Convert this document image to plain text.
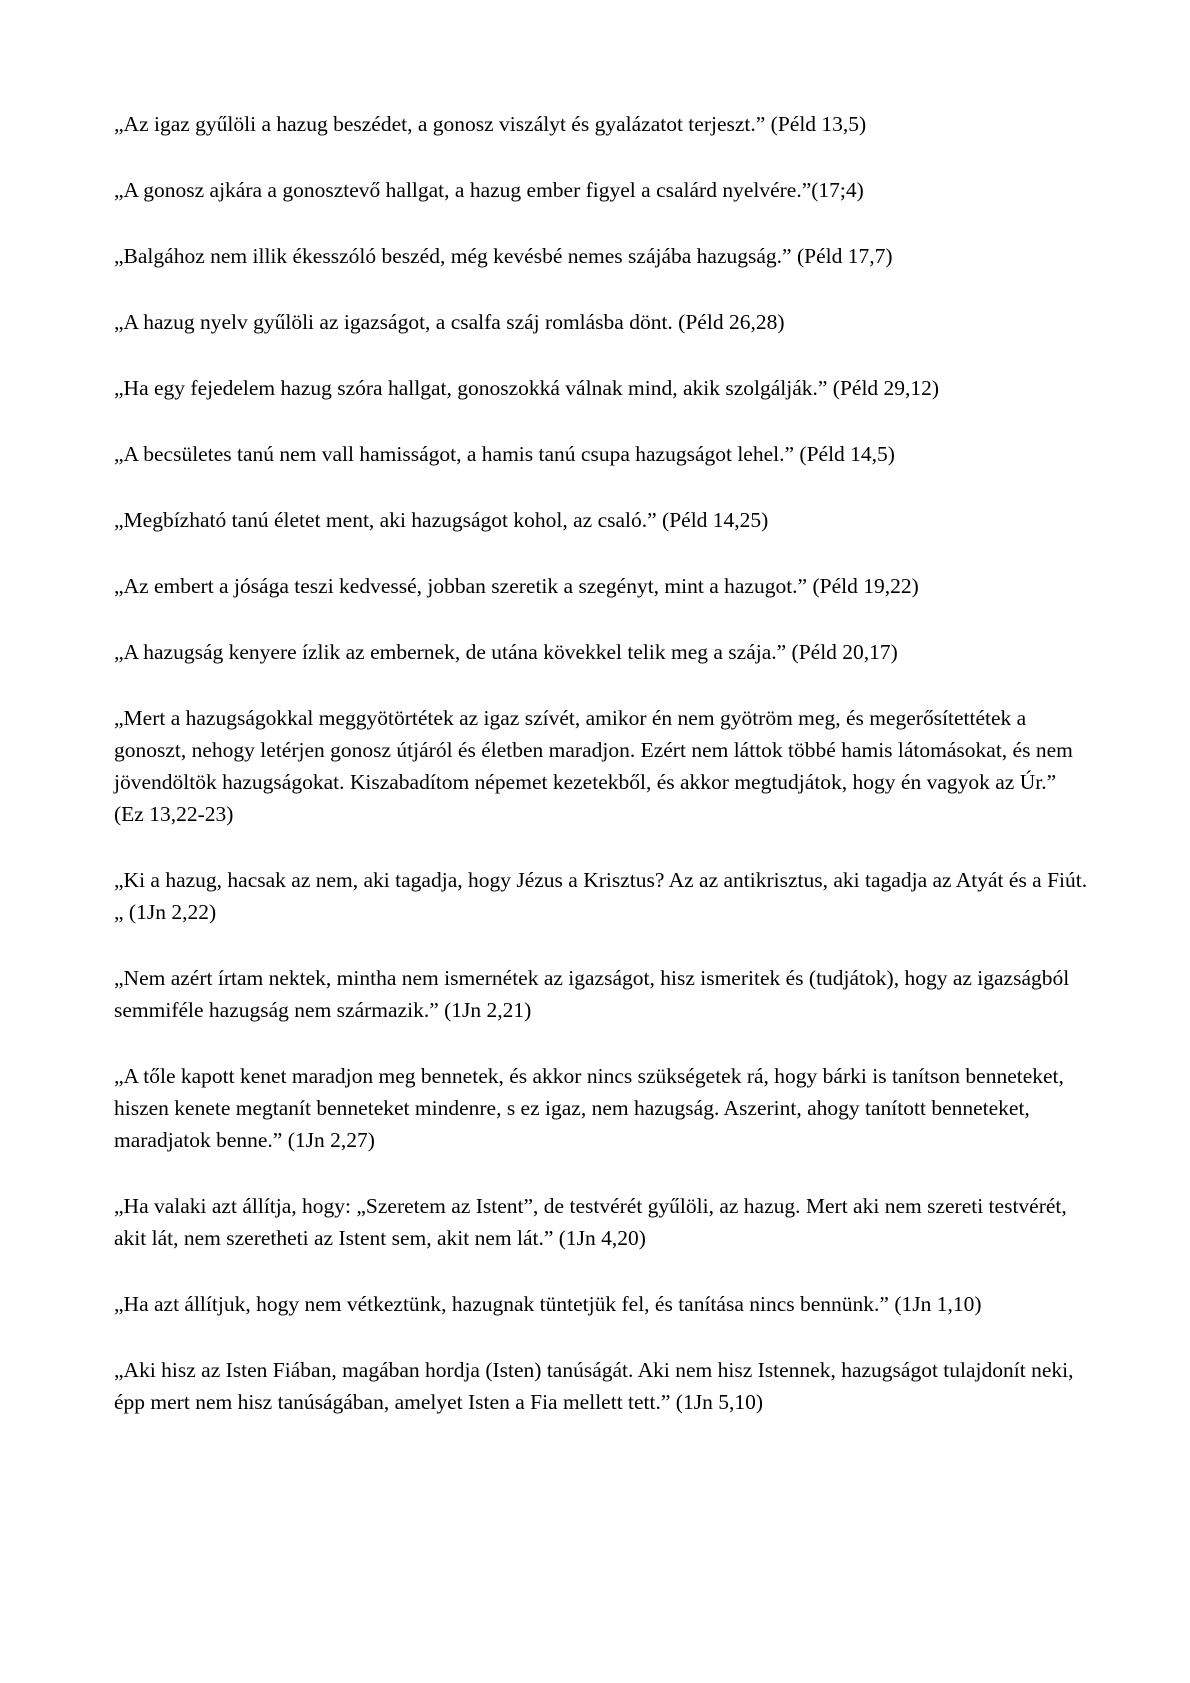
„Az igaz gyűlöli a hazug beszédet, a gonosz viszályt és gyalázatot terjeszt.” (Péld 13,5)

„A gonosz ajkára a gonosztevő hallgat, a hazug ember figyel a csalárd nyelvére.”(17;4)

„Balgához nem illik ékesszóló beszéd, még kevésbé nemes szájába hazugság.” (Péld 17,7)

„A hazug nyelv gyűlöli az igazságot, a csalfa száj romlásba dönt. (Péld 26,28)

„Ha egy fejedelem hazug szóra hallgat, gonoszokká válnak mind, akik szolgálják.” (Péld 29,12)

„A becsületes tanú nem vall hamisságot, a hamis tanú csupa hazugságot lehel.” (Péld 14,5)

„Megbízható tanú életet ment, aki hazugságot kohol, az csaló.” (Péld 14,25)

„Az embert a jósága teszi kedvessé, jobban szeretik a szegényt, mint a hazugot.” (Péld 19,22)

„A hazugság kenyere ízlik az embernek, de utána kövekkel telik meg a szája.” (Péld 20,17)

„Mert a hazugságokkal meggyötörtétek az igaz szívét, amikor én nem gyötröm meg, és megerősítettétek a gonoszt, nehogy letérjen gonosz útjáról és életben maradjon. Ezért nem láttok többé hamis látomásokat, és nem jövendöltök hazugságokat. Kiszabadítom népemet kezetekből, és akkor megtudjátok, hogy én vagyok az Úr.” (Ez 13,22-23)

„Ki a hazug, hacsak az nem, aki tagadja, hogy Jézus a Krisztus? Az az antikrisztus, aki tagadja az Atyát és a Fiút.„ (1Jn 2,22)

„Nem azért írtam nektek, mintha nem ismernétek az igazságot, hisz ismeritek és (tudjátok), hogy az igazságból semmiféle hazugság nem származik.” (1Jn 2,21)

„A tőle kapott kenet maradjon meg bennetek, és akkor nincs szükségetek rá, hogy bárki is tanítson benneteket, hiszen kenete megtanít benneteket mindenre, s ez igaz, nem hazugság. Aszerint, ahogy tanított benneteket, maradjatok benne.” (1Jn 2,27)

„Ha valaki azt állítja, hogy: „Szeretem az Istent”, de testvérét gyűlöli, az hazug. Mert aki nem szereti testvérét, akit lát, nem szeretheti az Istent sem, akit nem lát.” (1Jn 4,20)

„Ha azt állítjuk, hogy nem vétkeztünk, hazugnak tüntetjük fel, és tanítása nincs bennünk.” (1Jn 1,10)

„Aki hisz az Isten Fiában, magában hordja (Isten) tanúságát. Aki nem hisz Istennek, hazugságot tulajdonít neki, épp mert nem hisz tanúságában, amelyet Isten a Fia mellett tett.” (1Jn 5,10)
